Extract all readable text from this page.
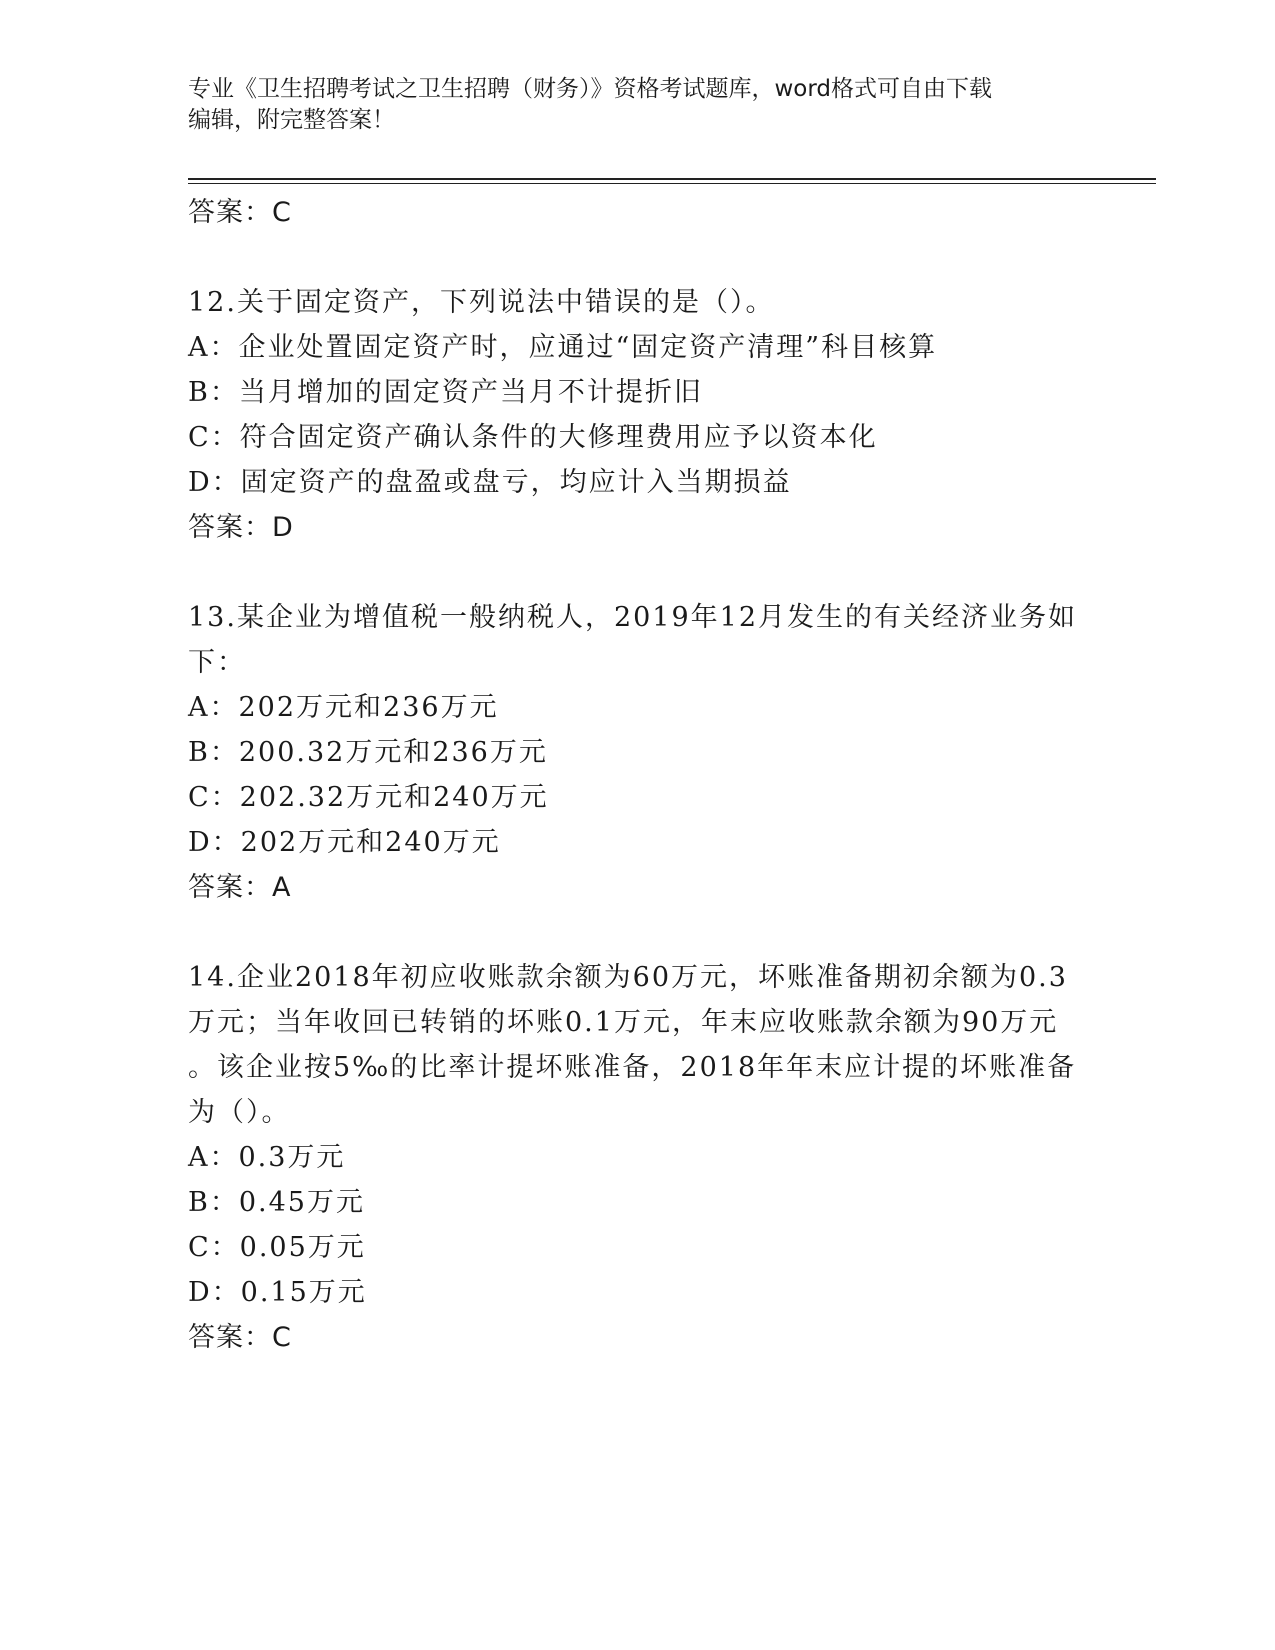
专业《卫生招聘考试之卫生招聘（财务）》资格考试题库，word格式可自由下载
编辑，附完整答案！
答案：C
12.关于固定资产，下列说法中错误的是（）。
A：企业处置固定资产时，应通过“固定资产清理”科目核算
B：当月增加的固定资产当月不计提折旧
C：符合固定资产确认条件的大修理费用应予以资本化
D：固定资产的盘盈或盘亏，均应计入当期损益
答案：D
13.某企业为增值税一般纳税人，2019年12月发生的有关经济业务如
下：
A：202万元和236万元
B：200.32万元和236万元
C：202.32万元和240万元
D：202万元和240万元
答案：A
14.企业2018年初应收账款余额为60万元，坏账准备期初余额为0.3
万元；当年收回已转销的坏账0.1万元，年末应收账款余额为90万元
。该企业按5‰的比率计提坏账准备，2018年年末应计提的坏账准备
为（）。
A：0.3万元
B：0.45万元
C：0.05万元
D：0.15万元
答案：C
